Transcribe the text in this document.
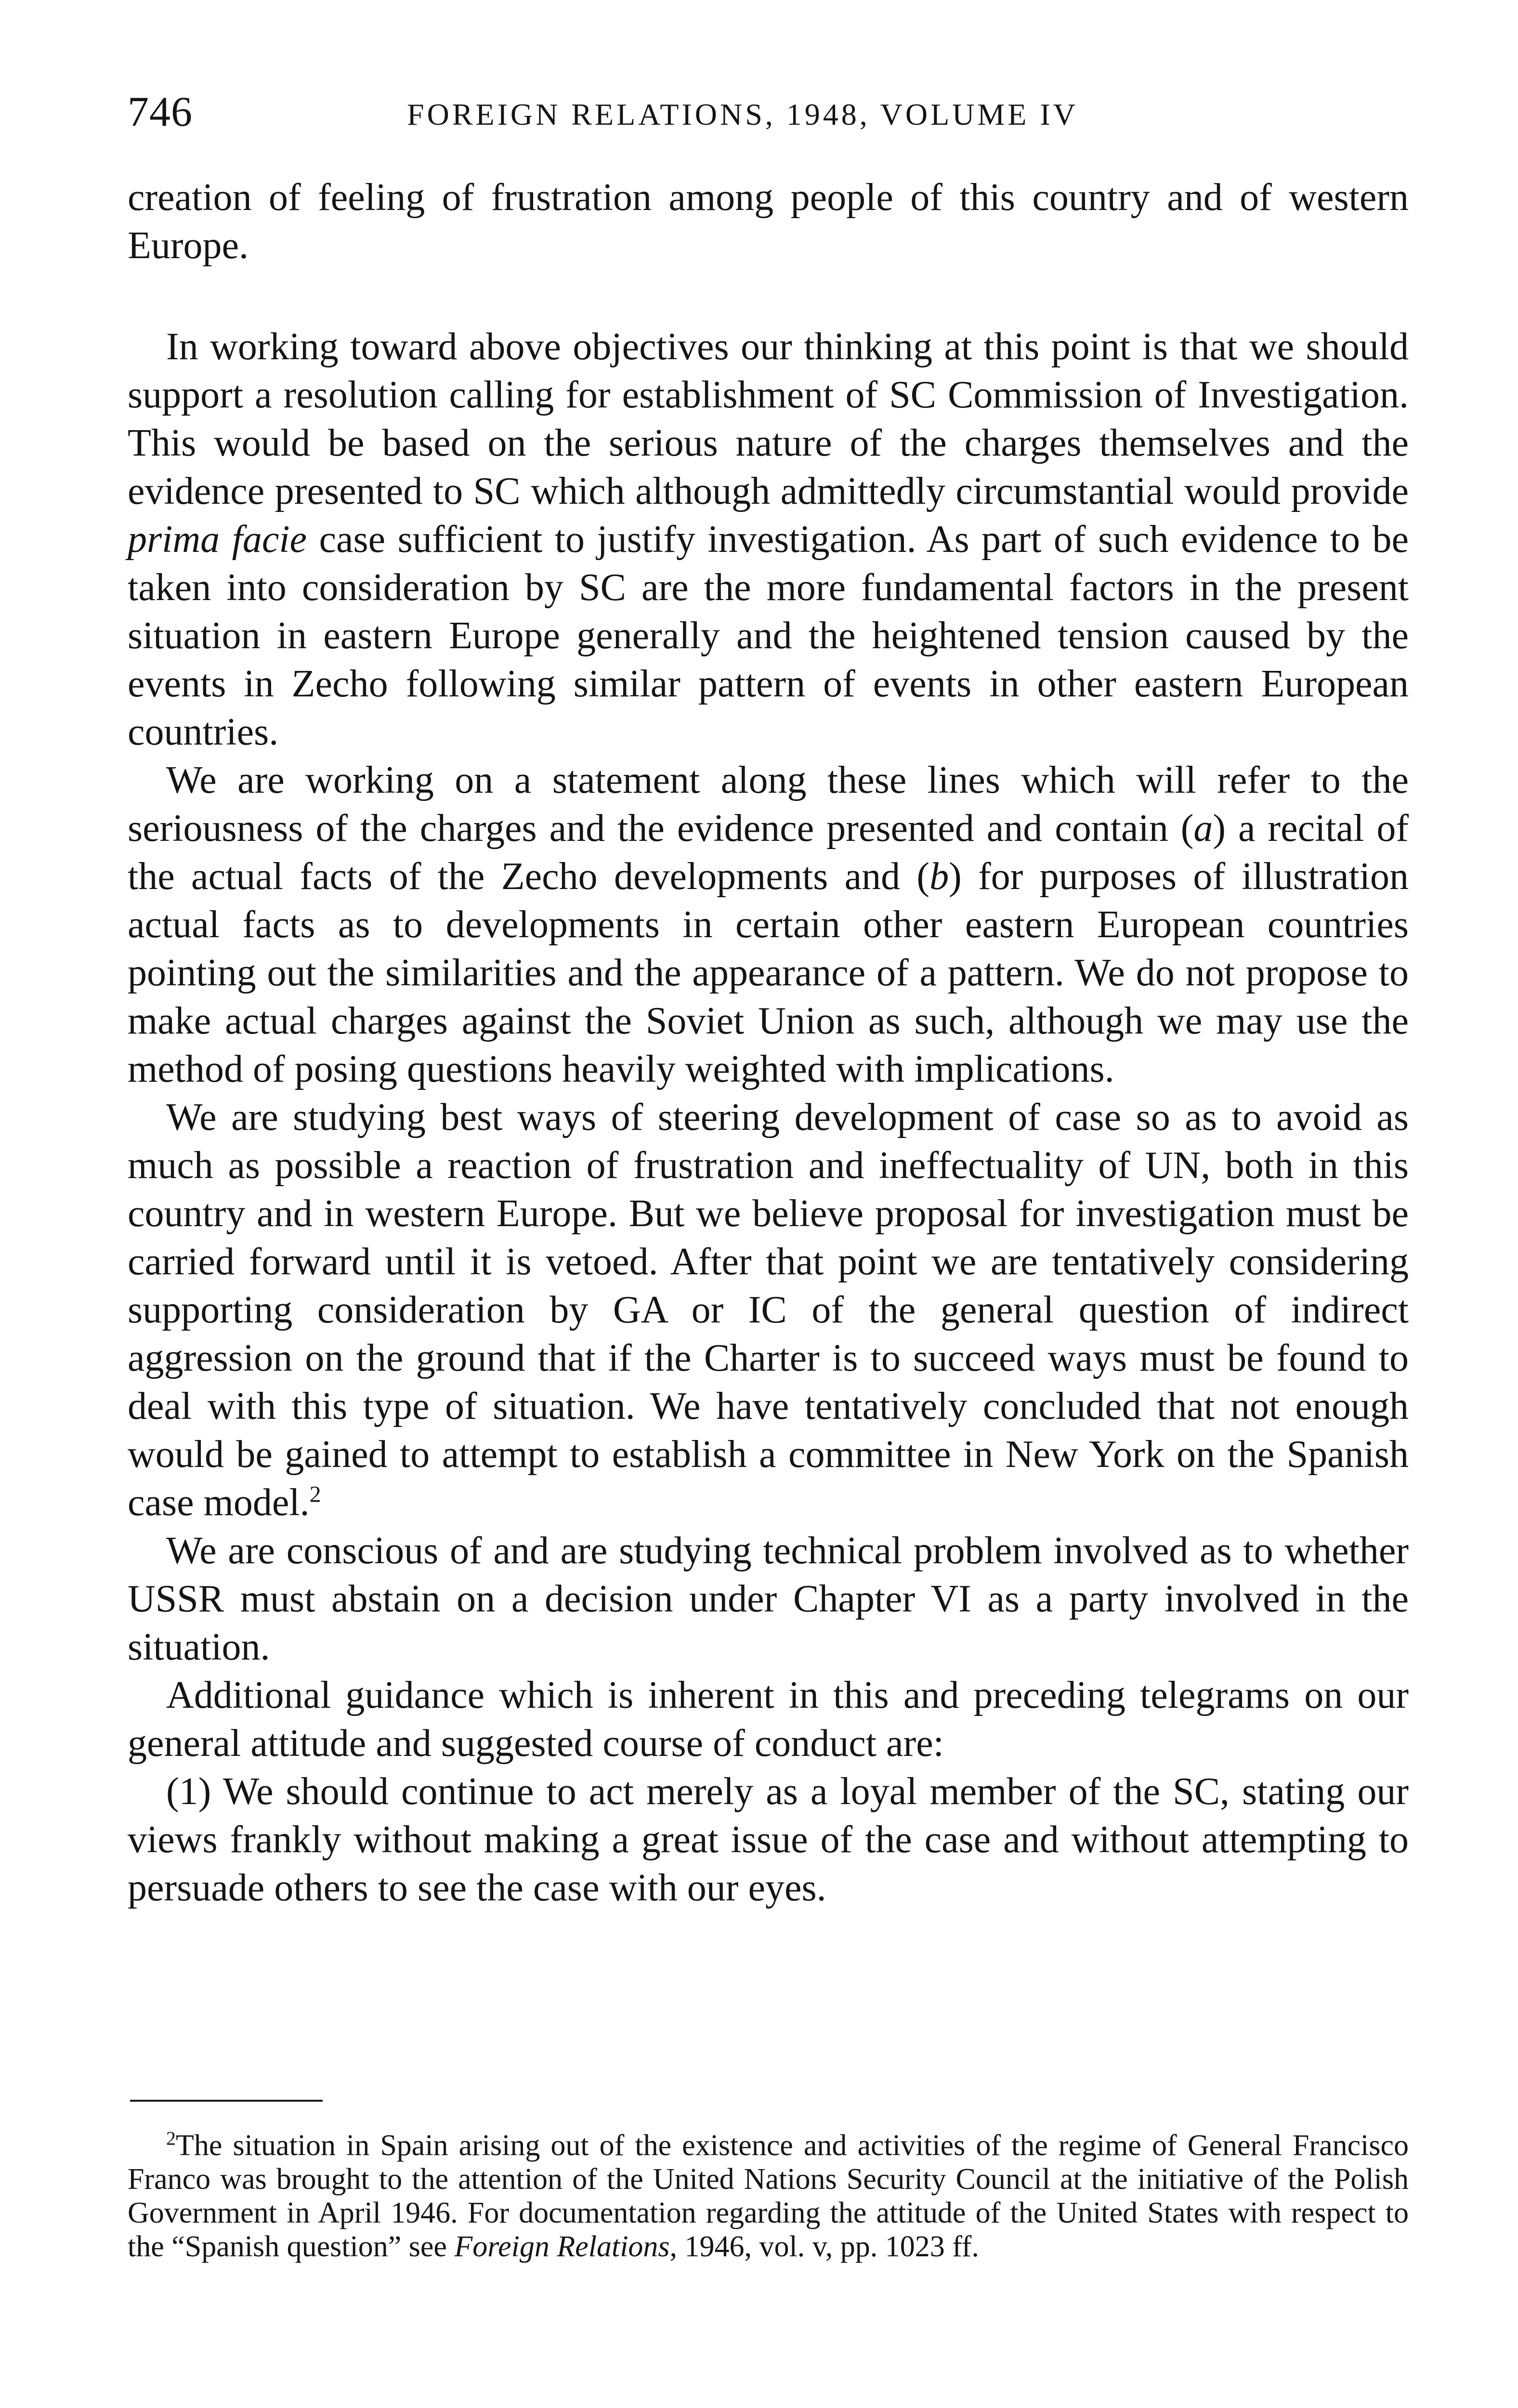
746	FOREIGN RELATIONS, 1948, VOLUME IV

creation of feeling of frustration among people of this country and of western Europe.

In working toward above objectives our thinking at this point is that we should support a resolution calling for establishment of SC Commission of Investigation. This would be based on the serious nature of the charges themselves and the evidence presented to SC which although admittedly circumstantial would provide prima facie case sufficient to justify investigation. As part of such evidence to be taken into consideration by SC are the more fundamental factors in the present situation in eastern Europe generally and the heightened tension caused by the events in Zecho following similar pattern of events in other eastern European countries.

We are working on a statement along these lines which will refer to the seriousness of the charges and the evidence presented and contain (a) a recital of the actual facts of the Zecho developments and (b) for purposes of illustration actual facts as to developments in certain other eastern European countries pointing out the similarities and the appearance of a pattern. We do not propose to make actual charges against the Soviet Union as such, although we may use the method of posing questions heavily weighted with implications.

We are studying best ways of steering development of case so as to avoid as much as possible a reaction of frustration and ineffectuality of UN, both in this country and in western Europe. But we believe proposal for investigation must be carried forward until it is vetoed. After that point we are tentatively considering supporting consideration by GA or IC of the general question of indirect aggression on the ground that if the Charter is to succeed ways must be found to deal with this type of situation. We have tentatively concluded that not enough would be gained to attempt to establish a committee in New York on the Spanish case model.$^2$

We are conscious of and are studying technical problem involved as to whether USSR must abstain on a decision under Chapter VI as a party involved in the situation.

Additional guidance which is inherent in this and preceding telegrams on our general attitude and suggested course of conduct are:

(1) We should continue to act merely as a loyal member of the SC, stating our views frankly without making a great issue of the case and without attempting to persuade others to see the case with our eyes.

$^2$The situation in Spain arising out of the existence and activities of the regime of General Francisco Franco was brought to the attention of the United Nations Security Council at the initiative of the Polish Government in April 1946. For documentation regarding the attitude of the United States with respect to the “Spanish question” see Foreign Relations, 1946, vol. v, pp. 1023 ff.
